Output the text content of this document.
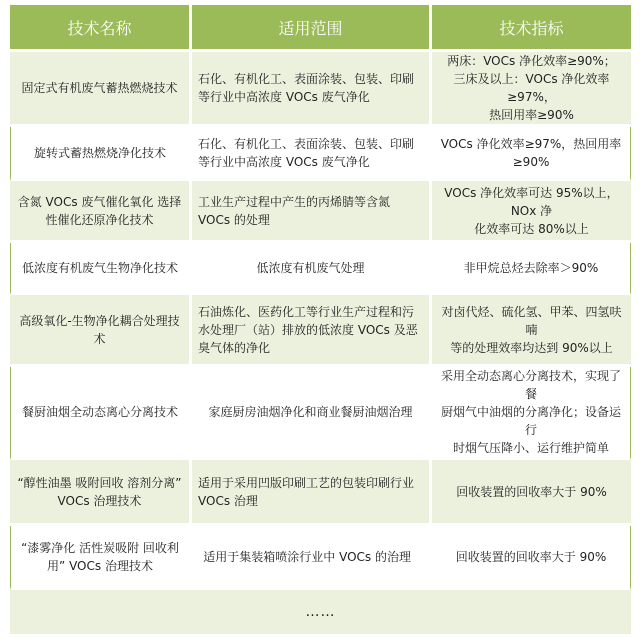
技术名称	适用范围	技术指标
固定式有机废气蓄热燃烧技术	石化、有机化工、表面涂装、包装、印刷等行业中高浓度 VOCs 废气净化	两床：VOCs 净化效率≥90%；
三床及以上：VOCs 净化效率≥97%，
热回用率≥90%

旋转式蓄热燃烧净化技术	石化、有机化工、表面涂装、包装、印刷等行业中高浓度 VOCs 废气净化	VOCs 净化效率≥97%，热回用率≥90%

含氮 VOCs 废气催化氧化 选择性催化还原净化技术	工业生产过程中产生的丙烯腈等含氮 VOCs 的处理	VOCs 净化效率可达 95%以上，NOx 净
化效率可达 80%以上

低浓度有机废气生物净化技术	低浓度有机废气处理	非甲烷总烃去除率＞90%

高级氧化-生物净化耦合处理技术	石油炼化、医药化工等行业生产过程和污水处理厂（站）排放的低浓度 VOCs 及恶臭气体的净化	对卤代烃、硫化氢、甲苯、四氢呋喃
等的处理效率均达到 90%以上

餐厨油烟全动态离心分离技术	家庭厨房油烟净化和商业餐厨油烟治理	采用全动态离心分离技术，实现了餐
厨烟气中油烟的分离净化；设备运行
时烟气压降小、运行维护简单

“醇性油墨 吸附回收 溶剂分离” VOCs 治理技术	适用于采用凹版印刷工艺的包装印刷行业 VOCs 治理	回收装置的回收率大于 90%

“漆雾净化 活性炭吸附 回收利用” VOCs 治理技术	适用于集装箱喷涂行业中 VOCs 的治理	回收装置的回收率大于 90%

……		
